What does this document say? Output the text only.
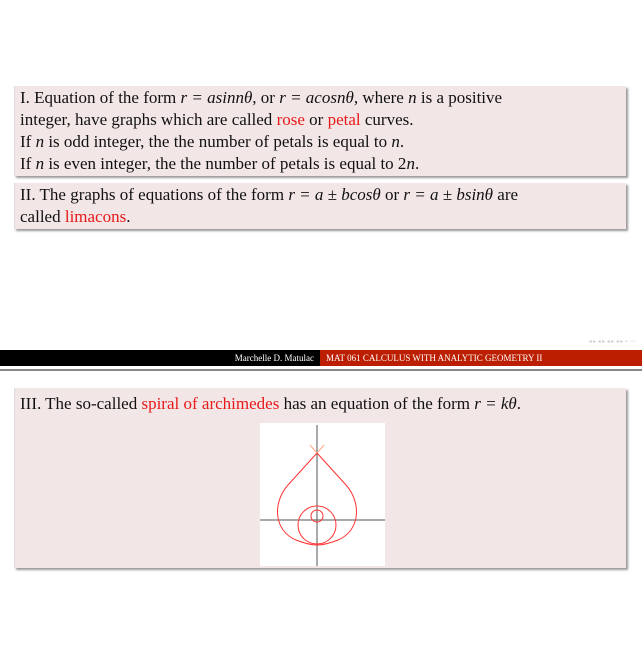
I. Equation of the form r = asinnθ, or r = acosnθ, where n is a positive
integer, have graphs which are called rose or petal curves.
If n is odd integer, the the number of petals is equal to n.
If n is even integer, the the number of petals is equal to 2n.
II. The graphs of equations of the form r = a ± bcosθ or r = a ± bsinθ are
called limacons.
◂ ▸ ◂ ▸ ◂ ▸ ◂ ▸ ≡ ◦◦◦
Marchelle D. Matulac	MAT 061 CALCULUS WITH ANALYTIC GEOMETRY II
III. The so-called spiral of archimedes has an equation of the form r = kθ.
